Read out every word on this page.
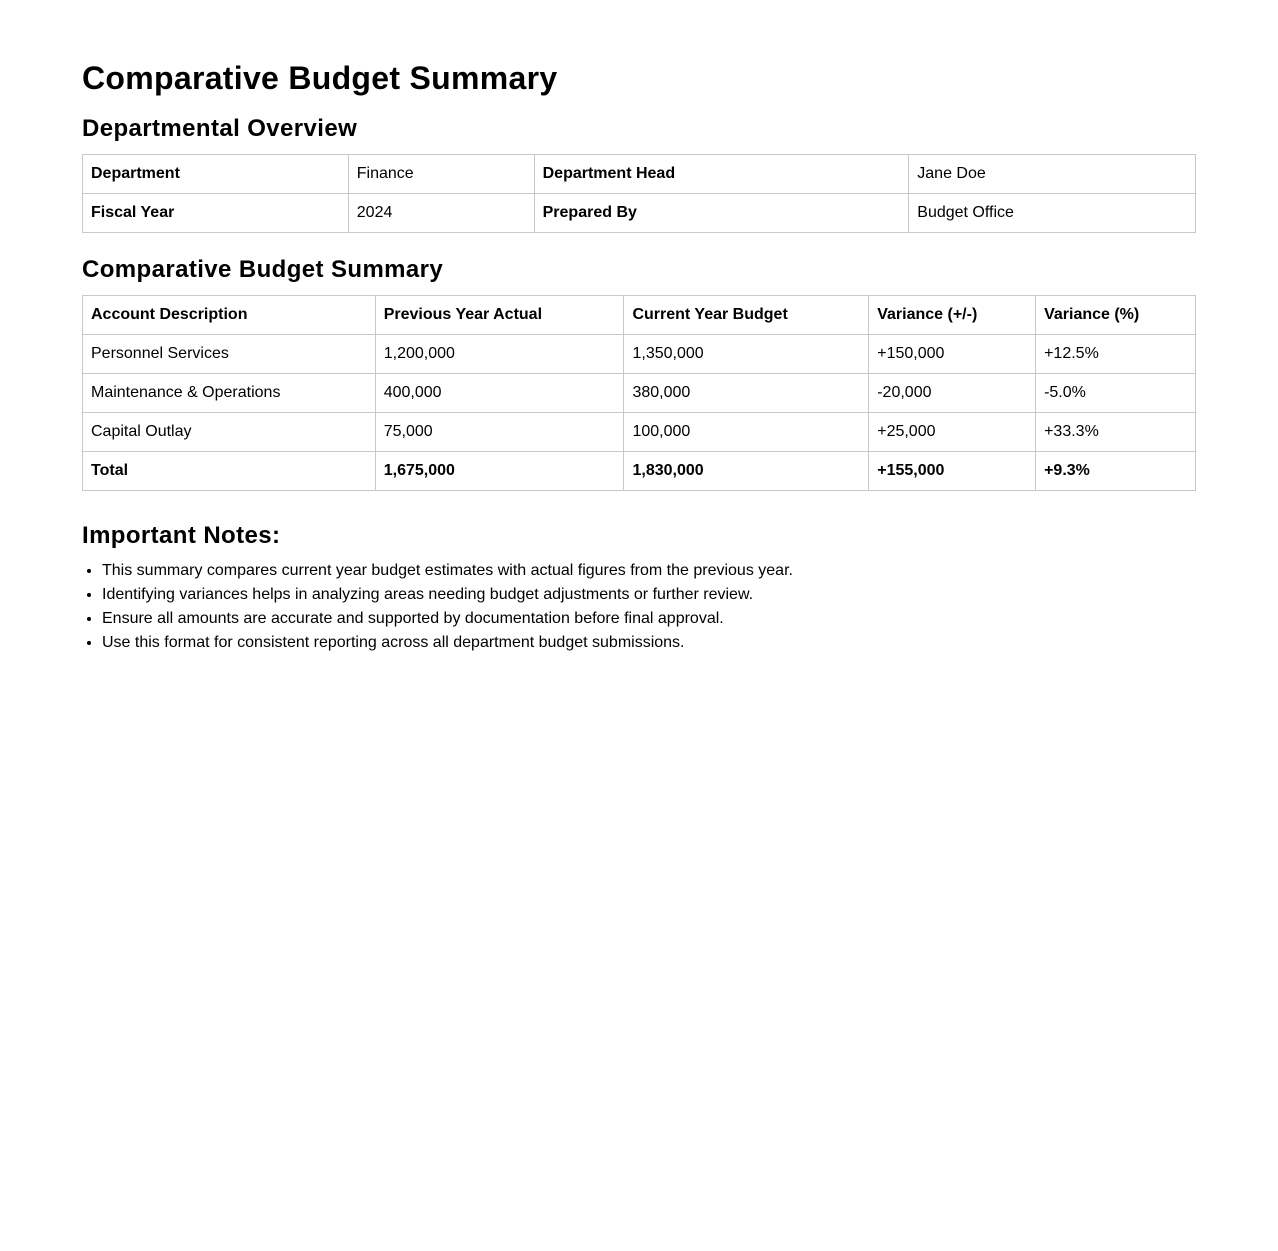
Comparative Budget Summary
Departmental Overview
Department	Finance	Department Head	Jane Doe
Fiscal Year	2024	Prepared By	Budget Office
Comparative Budget Summary
Account Description	Previous Year Actual	Current Year Budget	Variance (+/-)	Variance (%)
Personnel Services	1,200,000	1,350,000	+150,000	+12.5%
Maintenance & Operations	400,000	380,000	-20,000	-5.0%
Capital Outlay	75,000	100,000	+25,000	+33.3%
Total	1,675,000	1,830,000	+155,000	+9.3%
Important Notes:
• This summary compares current year budget estimates with actual figures from the previous year.
• Identifying variances helps in analyzing areas needing budget adjustments or further review.
• Ensure all amounts are accurate and supported by documentation before final approval.
• Use this format for consistent reporting across all department budget submissions.
